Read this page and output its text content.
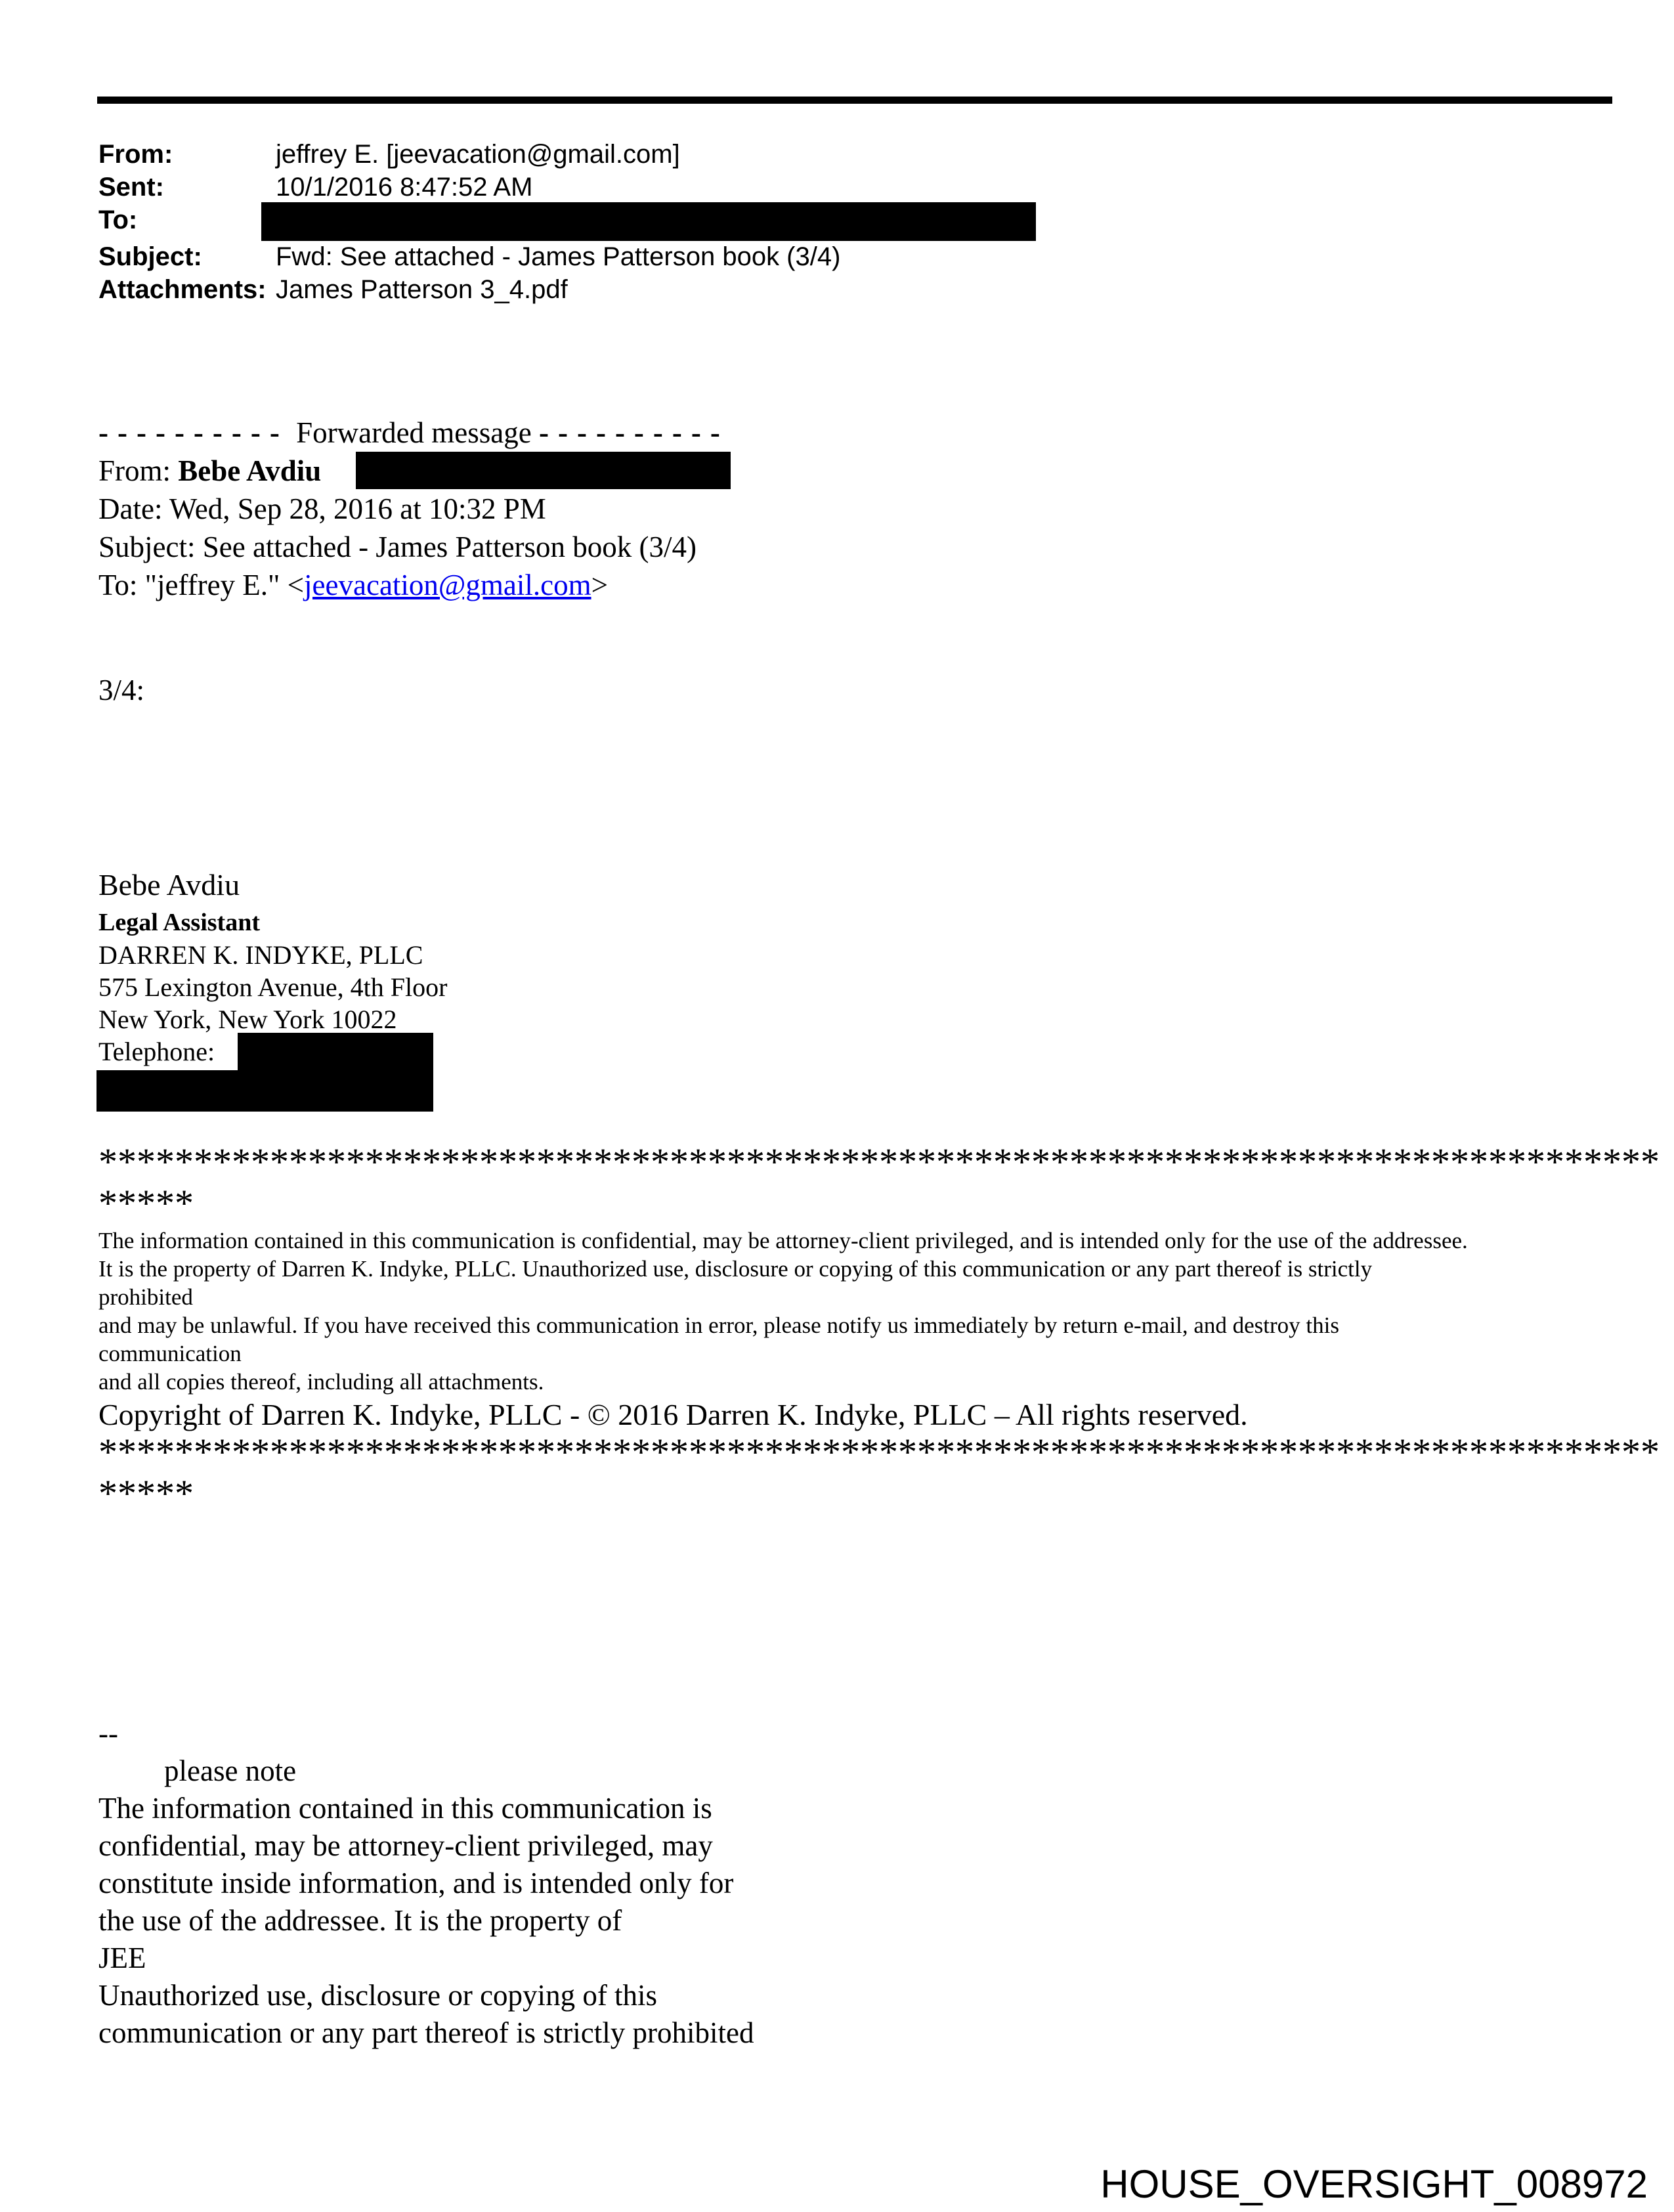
From:	jeffrey E. [jeevacation@gmail.com]
Sent:	10/1/2016 8:47:52 AM
To:
Subject:	Fwd: See attached - James Patterson book (3/4)
Attachments: James Patterson 3_4.pdf
---------- Forwarded message ----------
From: Bebe Avdiu
Date: Wed, Sep 28, 2016 at 10:32 PM
Subject: See attached - James Patterson book (3/4)
To: "jeffrey E." <jeevacation@gmail.com>
3/4:
Bebe Avdiu
Legal Assistant
DARREN K. INDYKE, PLLC
575 Lexington Avenue, 4th Floor
New York, New York 10022
Telephone:
**********************************************************************************
*****
The information contained in this communication is confidential, may be attorney-client privileged, and is intended only for the use of the addressee.
It is the property of Darren K. Indyke, PLLC. Unauthorized use, disclosure or copying of this communication or any part thereof is strictly
prohibited
and may be unlawful. If you have received this communication in error, please notify us immediately by return e-mail, and destroy this
communication
and all copies thereof, including all attachments.
Copyright of Darren K. Indyke, PLLC - © 2016 Darren K. Indyke, PLLC – All rights reserved.
**********************************************************************************
*****
--
please note
The information contained in this communication is
confidential, may be attorney-client privileged, may
constitute inside information, and is intended only for
the use of the addressee. It is the property of
JEE
Unauthorized use, disclosure or copying of this
communication or any part thereof is strictly prohibited
HOUSE_OVERSIGHT_008972
